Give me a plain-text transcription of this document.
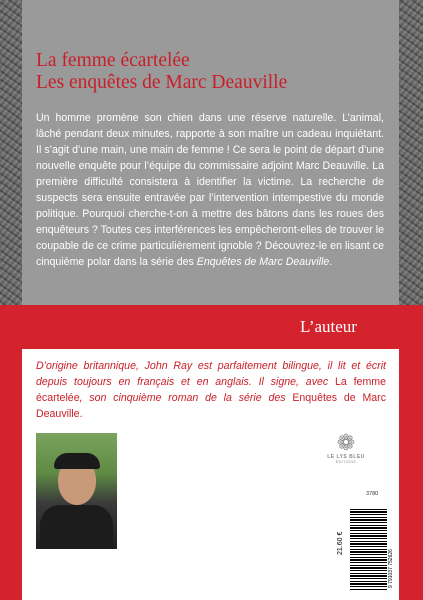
La femme écartelée
Les enquêtes de Marc Deauville
Un homme promène son chien dans une réserve naturelle. L’animal, lâché pendant deux minutes, rapporte à son maître un cadeau inquiétant. Il s’agit d’une main, une main de femme ! Ce sera le point de départ d’une nouvelle enquête pour l’équipe du commissaire adjoint Marc Deauville. La première difficulté consistera à identifier la victime. La recherche de suspects sera ensuite entravée par l’intervention intempestive du monde politique. Pourquoi cherche-t-on à mettre des bâtons dans les roues des enquêteurs ? Toutes ces interférences les empêcheront-elles de trouver le coupable de ce crime particulièrement ignoble ? Découvrez-le en lisant ce cinquième polar dans la série des Enquêtes de Marc Deauville.
L’auteur
D’origine britannique, John Ray est parfaitement bilingue, il lit et écrit depuis toujours en français et en anglais. Il signe, avec La femme écartelée, son cinquième roman de la série des Enquêtes de Marc Deauville.
❁
LE LYS BLEU
ÉDITIONS
3780
21.60 €
9 791037 752626
